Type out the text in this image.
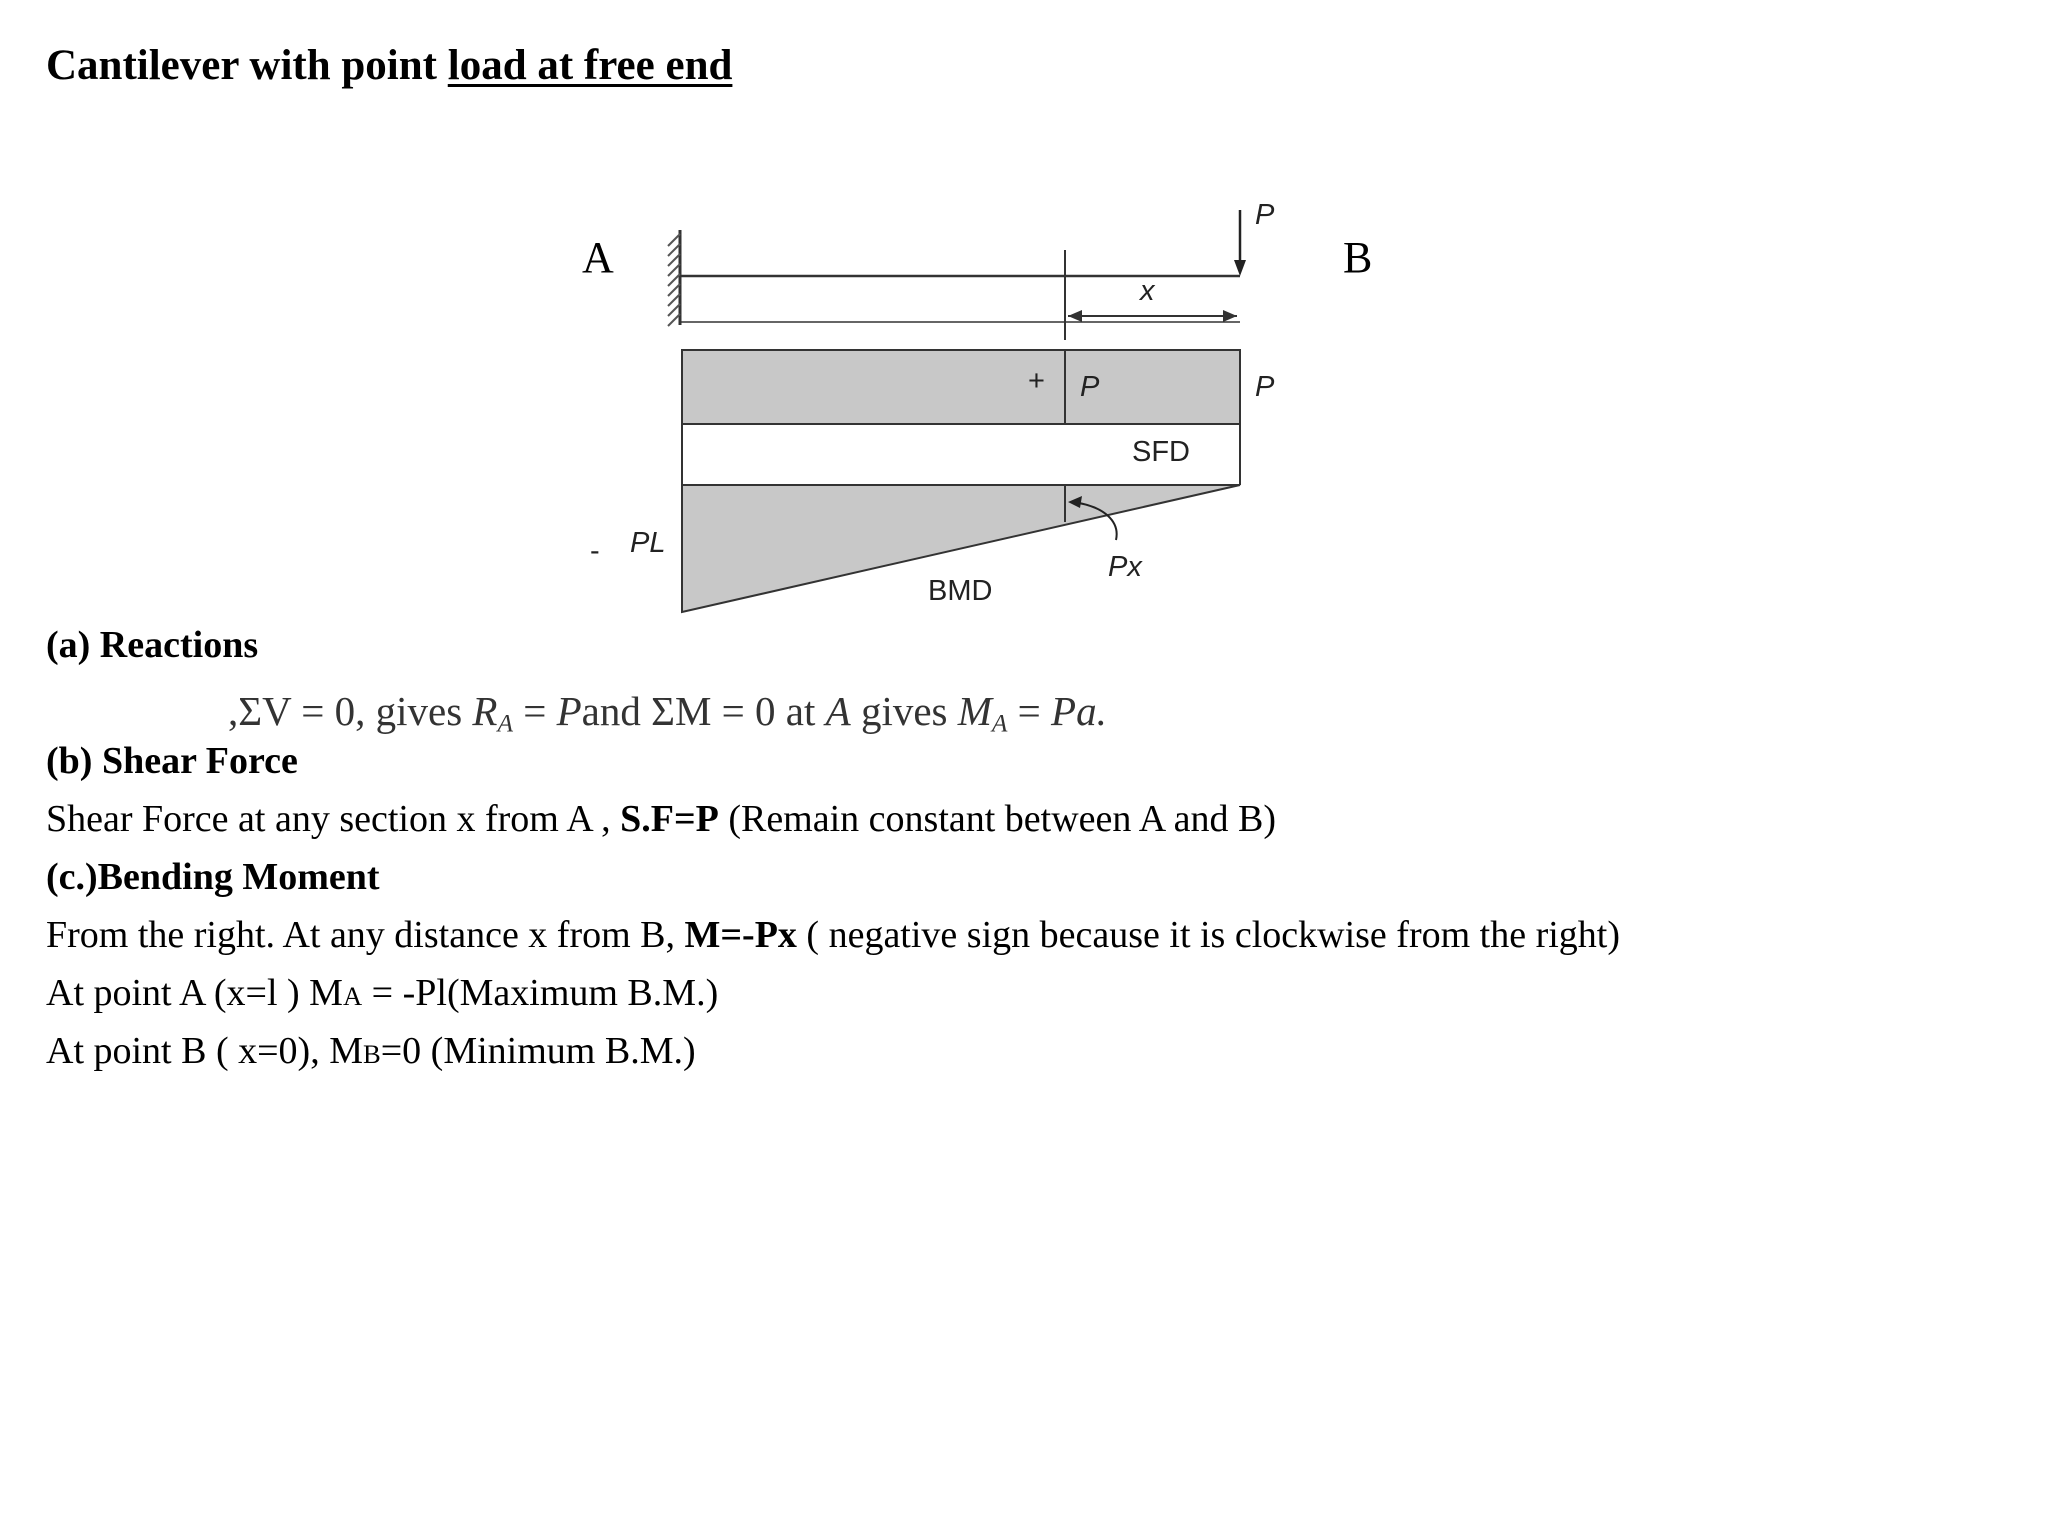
Cantilever with point load at free end
P
x
+ P	P
SFD
- PL
Px
BMD
A	B
(a) Reactions
,ΣV = 0, gives $R_A$ = Pand ΣM = 0 at A gives $M_A = Pa$.
(b) Shear Force
Shear Force at any section x from A , S.F=P (Remain constant between A and B)
(c.)Bending Moment
From the right. At any distance x from B, M=-Px ( negative sign because it is clockwise from the right)
At point A (x=l ) MA = -Pl(Maximum B.M.)
At point B ( x=0), MB=0 (Minimum B.M.)
